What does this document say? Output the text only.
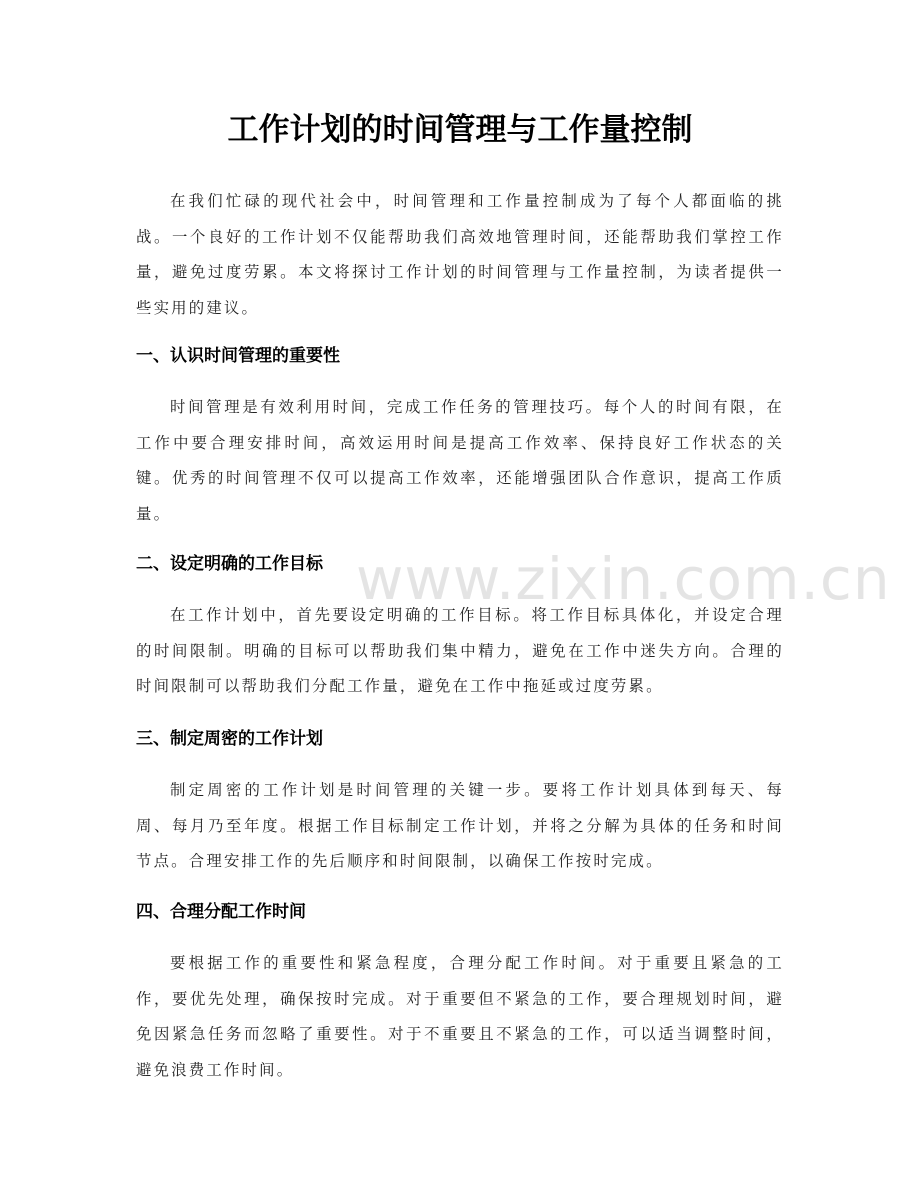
www.zixin.com.cn
工作计划的时间管理与工作量控制

在我们忙碌的现代社会中，时间管理和工作量控制成为了每个人都面临的挑战。一个良好的工作计划不仅能帮助我们高效地管理时间，还能帮助我们掌控工作量，避免过度劳累。本文将探讨工作计划的时间管理与工作量控制，为读者提供一些实用的建议。

一、认识时间管理的重要性

时间管理是有效利用时间，完成工作任务的管理技巧。每个人的时间有限，在工作中要合理安排时间，高效运用时间是提高工作效率、保持良好工作状态的关键。优秀的时间管理不仅可以提高工作效率，还能增强团队合作意识，提高工作质量。

二、设定明确的工作目标

在工作计划中，首先要设定明确的工作目标。将工作目标具体化，并设定合理的时间限制。明确的目标可以帮助我们集中精力，避免在工作中迷失方向。合理的时间限制可以帮助我们分配工作量，避免在工作中拖延或过度劳累。

三、制定周密的工作计划

制定周密的工作计划是时间管理的关键一步。要将工作计划具体到每天、每周、每月乃至年度。根据工作目标制定工作计划，并将之分解为具体的任务和时间节点。合理安排工作的先后顺序和时间限制，以确保工作按时完成。

四、合理分配工作时间

要根据工作的重要性和紧急程度，合理分配工作时间。对于重要且紧急的工作，要优先处理，确保按时完成。对于重要但不紧急的工作，要合理规划时间，避免因紧急任务而忽略了重要性。对于不重要且不紧急的工作，可以适当调整时间，避免浪费工作时间。
